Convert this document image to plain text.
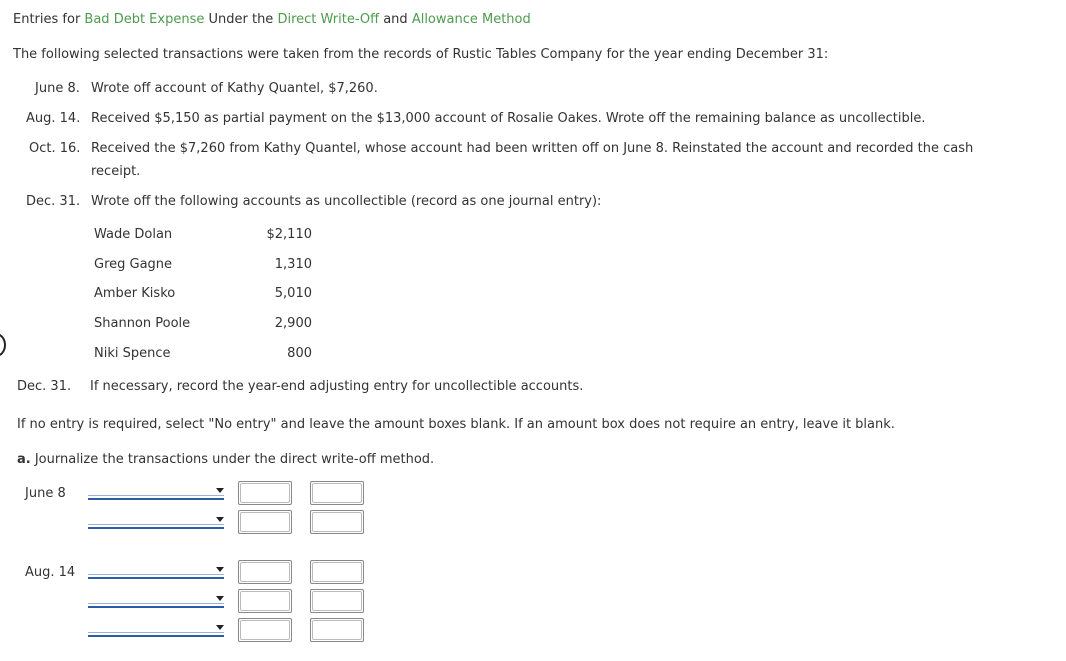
Entries for Bad Debt Expense Under the Direct Write-Off and Allowance Method
The following selected transactions were taken from the records of Rustic Tables Company for the year ending December 31:
June 8. Wrote off account of Kathy Quantel, $7,260.
Aug. 14. Received $5,150 as partial payment on the $13,000 account of Rosalie Oakes. Wrote off the remaining balance as uncollectible.
Oct. 16. Received the $7,260 from Kathy Quantel, whose account had been written off on June 8. Reinstated the account and recorded the cash
receipt.
Dec. 31. Wrote off the following accounts as uncollectible (record as one journal entry):
Wade Dolan	$2,110
Greg Gagne	1,310
Amber Kisko	5,010
Shannon Poole	2,900
Niki Spence	800
Dec. 31. If necessary, record the year-end adjusting entry for uncollectible accounts.
If no entry is required, select "No entry" and leave the amount boxes blank. If an amount box does not require an entry, leave it blank.
a. Journalize the transactions under the direct write-off method.
June 8
Aug. 14
